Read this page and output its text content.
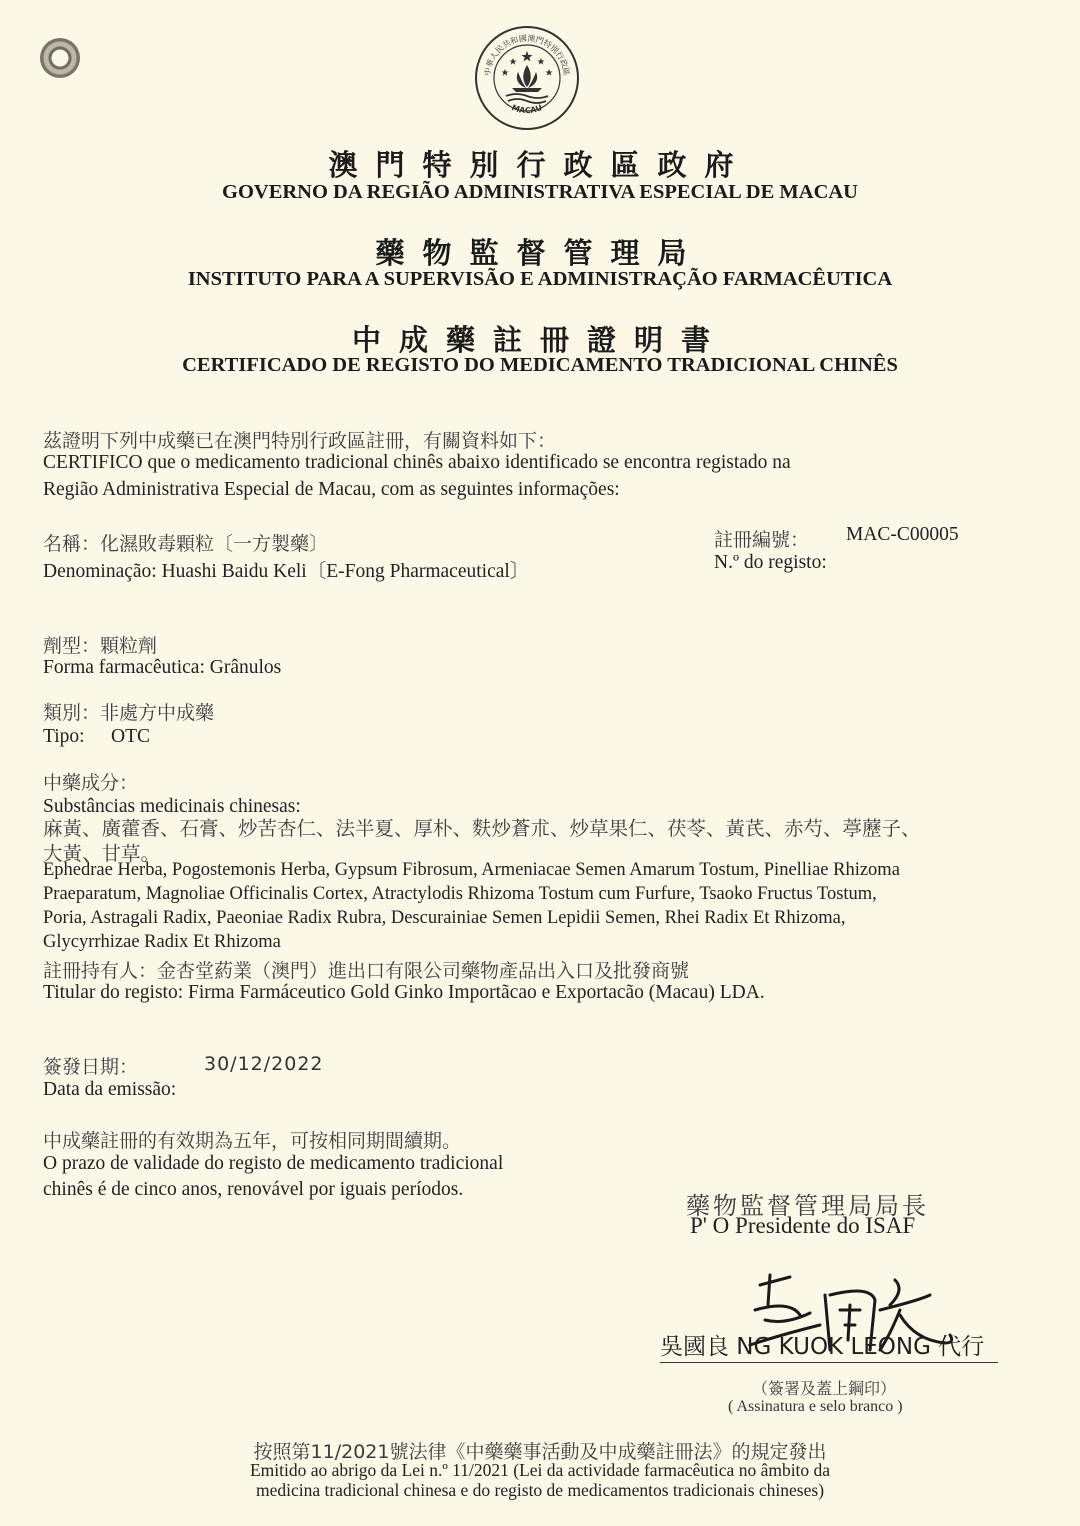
中華人民共和國澳門特別行政區
MACAU
澳門特別行政區政府
GOVERNO DA REGIÃO ADMINISTRATIVA ESPECIAL DE MACAU
藥物監督管理局
INSTITUTO PARA A SUPERVISÃO E ADMINISTRAÇÃO FARMACÊUTICA
中成藥註冊證明書
CERTIFICADO DE REGISTO DO MEDICAMENTO TRADICIONAL CHINÊS
茲證明下列中成藥已在澳門特別行政區註冊，有關資料如下：
CERTIFICO que o medicamento tradicional chinês abaixo identificado se encontra registado na
Região Administrativa Especial de Macau, com as seguintes informações:
名稱：化濕敗毒顆粒〔一方製藥〕
Denominação: Huashi Baidu Keli〔E-Fong Pharmaceutical〕
註冊編號： MAC-C00005
N.º do registo:
劑型：顆粒劑
Forma farmacêutica: Grânulos
類別：非處方中成藥
Tipo: OTC
中藥成分：
Substâncias medicinais chinesas:
麻黃、廣藿香、石膏、炒苦杏仁、法半夏、厚朴、麩炒蒼朮、炒草果仁、茯苓、黃芪、赤芍、葶藶子、
大黃、甘草。
Ephedrae Herba, Pogostemonis Herba, Gypsum Fibrosum, Armeniacae Semen Amarum Tostum, Pinelliae Rhizoma
Praeparatum, Magnoliae Officinalis Cortex, Atractylodis Rhizoma Tostum cum Furfure, Tsaoko Fructus Tostum,
Poria, Astragali Radix, Paeoniae Radix Rubra, Descurainiae Semen Lepidii Semen, Rhei Radix Et Rhizoma,
Glycyrrhizae Radix Et Rhizoma
註冊持有人：金杏堂葯業（澳門）進出口有限公司藥物產品出入口及批發商號
Titular do registo: Firma Farmáceutico Gold Ginko Importãcao e Exportacão (Macau) LDA.
簽發日期：	30/12/2022
Data da emissão:
中成藥註冊的有效期為五年，可按相同期間續期。
O prazo de validade do registo de medicamento tradicional
chinês é de cinco anos, renovável por iguais períodos.
藥物監督管理局局長
P' O Presidente do ISAF
吳國良 NG KUOK LEONG 代行
（簽署及蓋上鋼印）
( Assinatura e selo branco )
按照第11/2021號法律《中藥藥事活動及中成藥註冊法》的規定發出
Emitido ao abrigo da Lei n.º 11/2021 (Lei da actividade farmacêutica no âmbito da
medicina tradicional chinesa e do registo de medicamentos tradicionais chineses)
